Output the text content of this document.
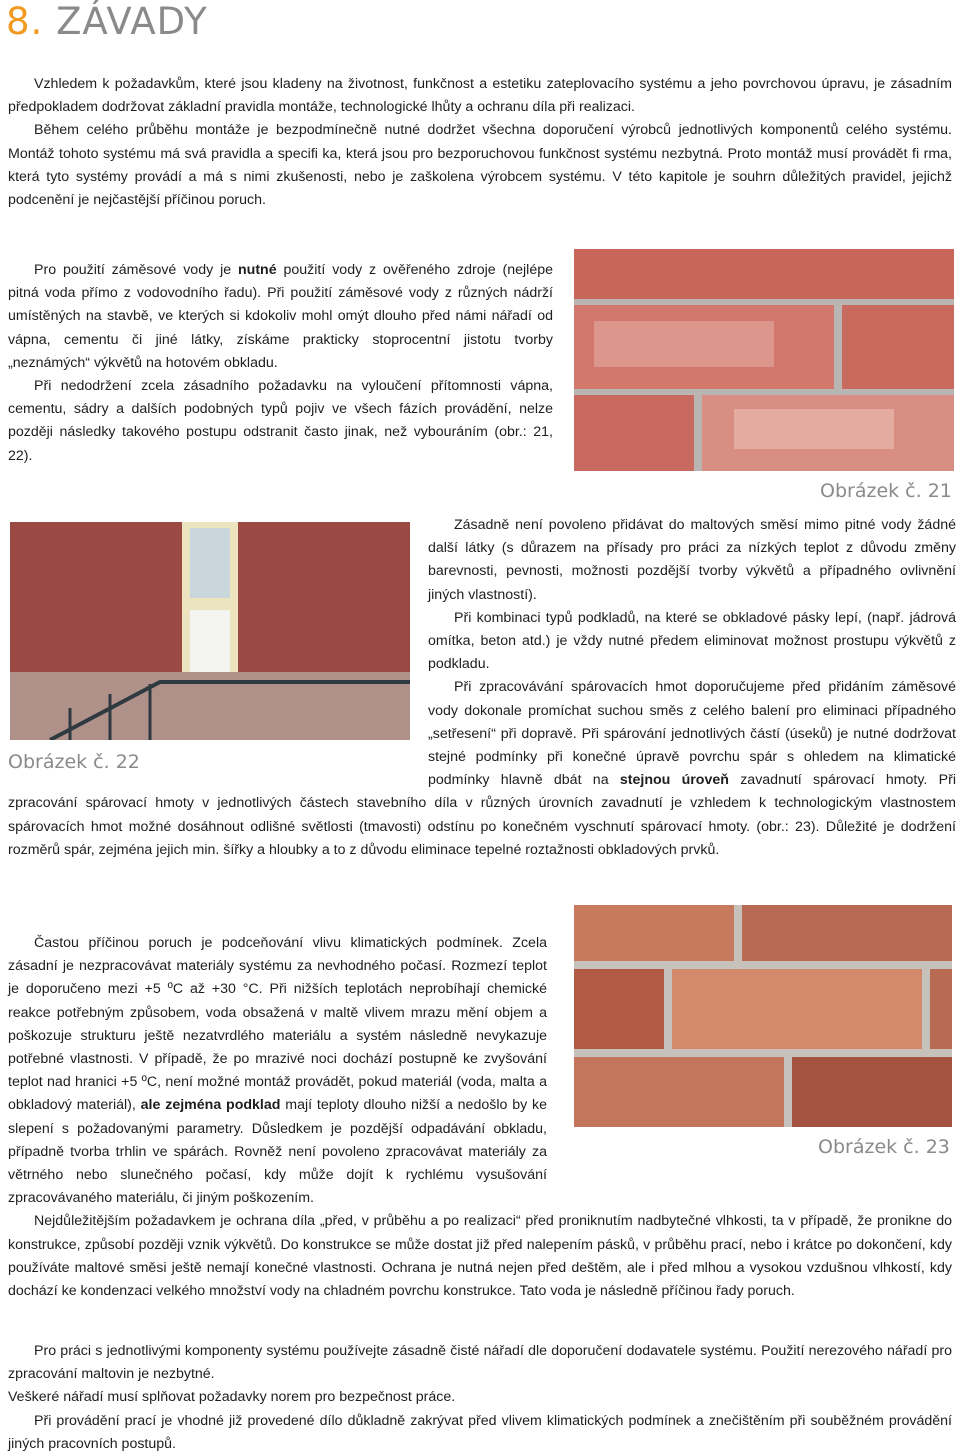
8. ZÁVADY

Vzhledem k požadavkům, které jsou kladeny na životnost, funkčnost a estetiku zateplovacího systému a jeho povrchovou úpravu, je zásadním předpokladem dodržovat základní pravidla montáže, technologické lhůty a ochranu díla při realizaci.

Během celého průběhu montáže je bezpodmínečně nutné dodržet všechna doporučení výrobců jednotlivých komponentů celého systému. Montáž tohoto systému má svá pravidla a specifi ka, která jsou pro bezporuchovou funkčnost systému nezbytná. Proto montáž musí provádět fi rma, která tyto systémy provádí a má s nimi zkušenosti, nebo je zaškolena výrobcem systému. V této kapitole je souhrn důležitých pravidel, jejichž podcenění je nejčastější příčinou poruch.

Obrázek č. 21

Pro použití záměsové vody je nutné použití vody z ověřeného zdroje (nejlépe pitná voda přímo z vodovodního řadu). Při použití záměsové vody z různých nádrží umístěných na stavbě, ve kterých si kdokoliv mohl omýt dlouho před námi nářadí od vápna, cementu či jiné látky, získáme prakticky stoprocentní jistotu tvorby „neznámých“ výkvětů na hotovém obkladu.

Při nedodržení zcela zásadního požadavku na vyloučení přítomnosti vápna, cementu, sádry a dalších podobných typů pojiv ve všech fázích provádění, nelze později následky takového postupu odstranit často jinak, než vybouráním (obr.: 21, 22).

Obrázek č. 22

Zásadně není povoleno přidávat do maltových směsí mimo pitné vody žádné další látky (s důrazem na přísady pro práci za nízkých teplot z důvodu změny barevnosti, pevnosti, možnosti pozdější tvorby výkvětů a případného ovlivnění jiných vlastností).

Při kombinaci typů podkladů, na které se obkladové pásky lepí, (např. jádrová omítka, beton atd.) je vždy nutné předem eliminovat možnost prostupu výkvětů z podkladu.

Při zpracovávání spárovacích hmot doporučujeme před přidáním záměsové vody dokonale promíchat suchou směs z celého balení pro eliminaci případného „setřesení“ při dopravě. Při spárování jednotlivých částí (úseků) je nutné dodržovat stejné podmínky při konečné úpravě povrchu spár s ohledem na klimatické podmínky hlavně dbát na stejnou úroveň zavadnutí spárovací hmoty. Při zpracování spárovací hmoty v jednotlivých částech stavebního díla v různých úrovních zavadnutí je vzhledem k technologickým vlastnostem spárovacích hmot možné dosáhnout odlišné světlosti (tmavosti) odstínu po konečném vyschnutí spárovací hmoty. (obr.: 23). Důležité je dodržení rozměrů spár, zejména jejich min. šířky a hloubky a to z důvodu eliminace tepelné roztažnosti obkladových prvků.

Obrázek č. 23

Častou příčinou poruch je podceňování vlivu klimatických podmínek. Zcela zásadní je nezpracovávat materiály systému za nevhodného počasí. Rozmezí teplot je doporučeno mezi +5 ºC až +30 °C. Při nižších teplotách neprobíhají chemické reakce potřebným způsobem, voda obsažená v maltě vlivem mrazu mění objem a poškozuje strukturu ještě nezatvrdlého materiálu a systém následně nevykazuje potřebné vlastnosti. V případě, že po mrazivé noci dochází postupně ke zvyšování teplot nad hranici +5 ºC, není možné montáž provádět, pokud materiál (voda, malta a obkladový materiál), ale zejména podklad mají teploty dlouho nižší a nedošlo by ke slepení s požadovanými parametry. Důsledkem je pozdější odpadávání obkladu, případně tvorba trhlin ve spárách. Rovněž není povoleno zpracovávat materiály za větrného nebo slunečného počasí, kdy může dojít k rychlému vysušování zpracovávaného materiálu, či jiným poškozením.

Nejdůležitějším požadavkem je ochrana díla „před, v průběhu a po realizaci“ před proniknutím nadbytečné vlhkosti, ta v případě, že pronikne do konstrukce, způsobí později vznik výkvětů. Do konstrukce se může dostat již před nalepením pásků, v průběhu prací, nebo i krátce po dokončení, kdy používáte maltové směsi ještě nemají konečné vlastnosti. Ochrana je nutná nejen před deštěm, ale i před mlhou a vysokou vzdušnou vlhkostí, kdy dochází ke kondenzaci velkého množství vody na chladném povrchu konstrukce. Tato voda je následně příčinou řady poruch.

Pro práci s jednotlivými komponenty systému používejte zásadně čisté nářadí dle doporučení dodavatele systému. Použití nerezového nářadí pro zpracování maltovin je nezbytné.

Veškeré nářadí musí splňovat požadavky norem pro bezpečnost práce.

Při provádění prací je vhodné již provedené dílo důkladně zakrývat před vlivem klimatických podmínek a znečištěním při souběžném provádění jiných pracovních postupů.
